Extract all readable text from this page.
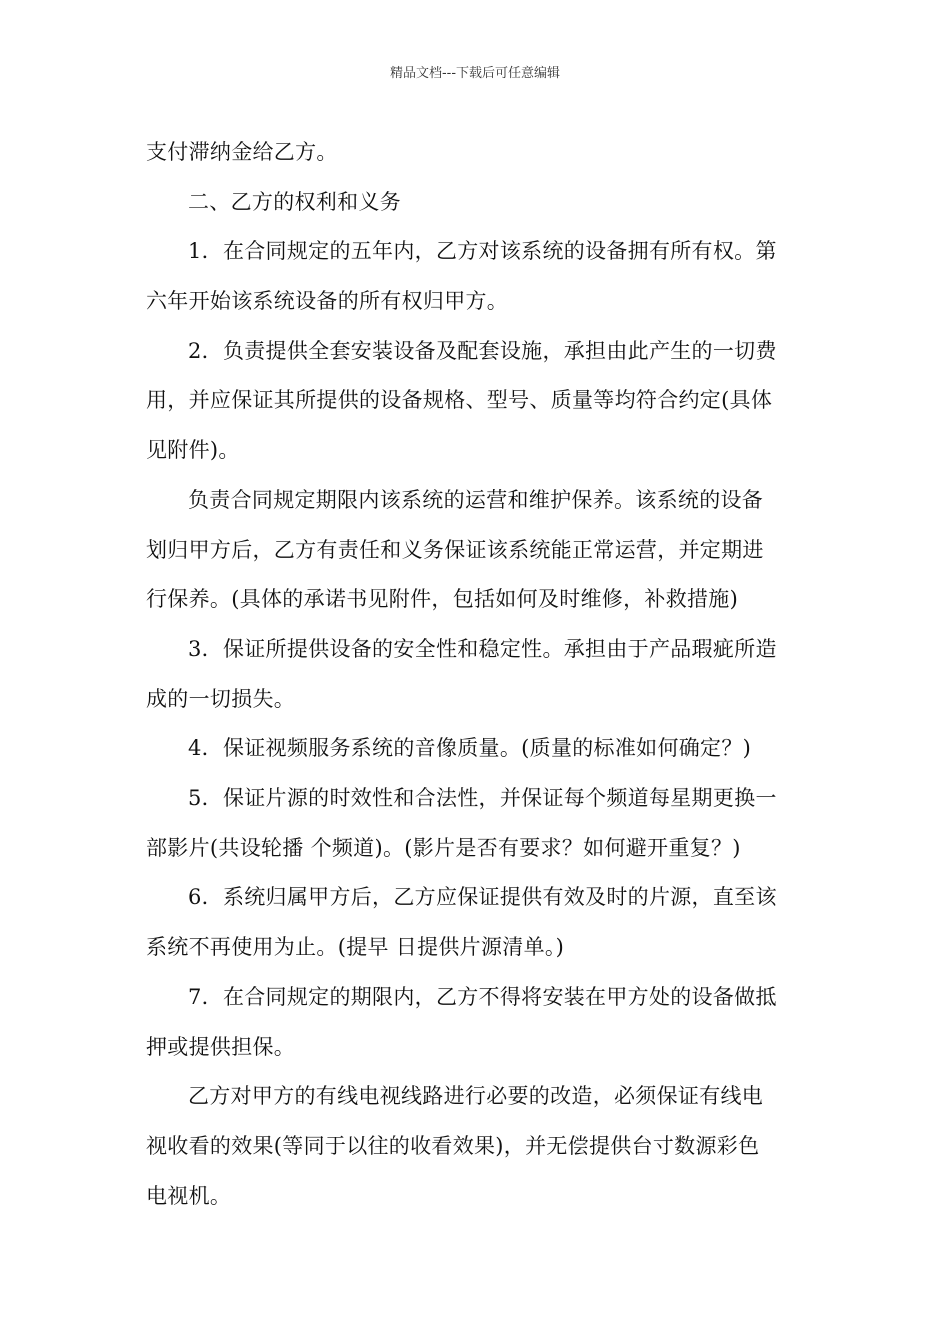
精品文档---下载后可任意编辑
支付滞纳金给乙方。
二、乙方的权利和义务
1．在合同规定的五年内，乙方对该系统的设备拥有所有权。第
六年开始该系统设备的所有权归甲方。
2．负责提供全套安装设备及配套设施，承担由此产生的一切费
用，并应保证其所提供的设备规格、型号、质量等均符合约定(具体
见附件)。
负责合同规定期限内该系统的运营和维护保养。该系统的设备
划归甲方后，乙方有责任和义务保证该系统能正常运营，并定期进
行保养。(具体的承诺书见附件，包括如何及时维修，补救措施)
3．保证所提供设备的安全性和稳定性。承担由于产品瑕疵所造
成的一切损失。
4．保证视频服务系统的音像质量。(质量的标准如何确定？)
5．保证片源的时效性和合法性，并保证每个频道每星期更换一
部影片(共设轮播 个频道)。(影片是否有要求？如何避开重复？)
6．系统归属甲方后，乙方应保证提供有效及时的片源，直至该
系统不再使用为止。(提早 日提供片源清单。)
7．在合同规定的期限内，乙方不得将安装在甲方处的设备做抵
押或提供担保。
乙方对甲方的有线电视线路进行必要的改造，必须保证有线电
视收看的效果(等同于以往的收看效果)，并无偿提供台寸数源彩色
电视机。
